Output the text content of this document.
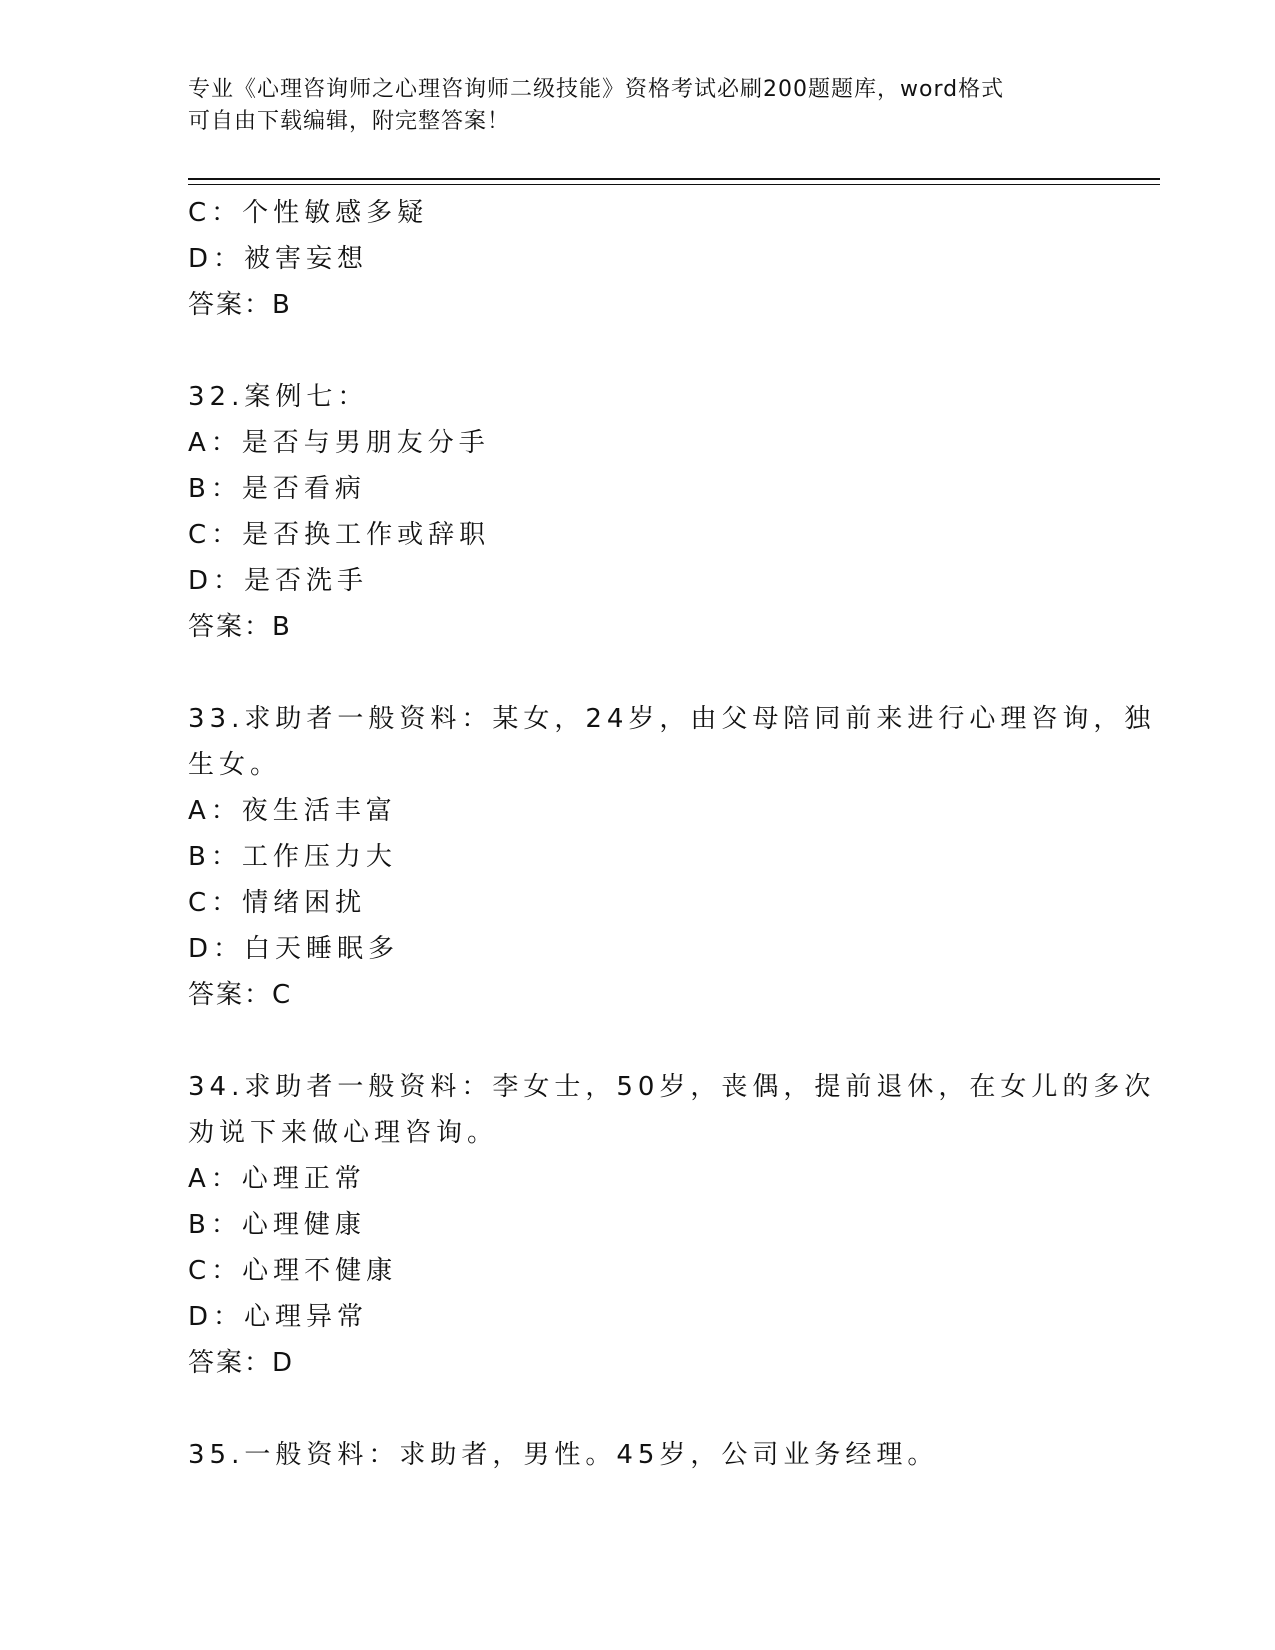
专业《心理咨询师之心理咨询师二级技能》资格考试必刷200题题库，word格式
可自由下载编辑，附完整答案！
C：个性敏感多疑
D：被害妄想
答案：B
32.案例七：
A：是否与男朋友分手
B：是否看病
C：是否换工作或辞职
D：是否洗手
答案：B
33.求助者一般资料：某女，24岁，由父母陪同前来进行心理咨询，独
生女。
A：夜生活丰富
B：工作压力大
C：情绪困扰
D：白天睡眠多
答案：C
34.求助者一般资料：李女士，50岁，丧偶，提前退休，在女儿的多次
劝说下来做心理咨询。
A：心理正常
B：心理健康
C：心理不健康
D：心理异常
答案：D
35.一般资料：求助者，男性。45岁，公司业务经理。
